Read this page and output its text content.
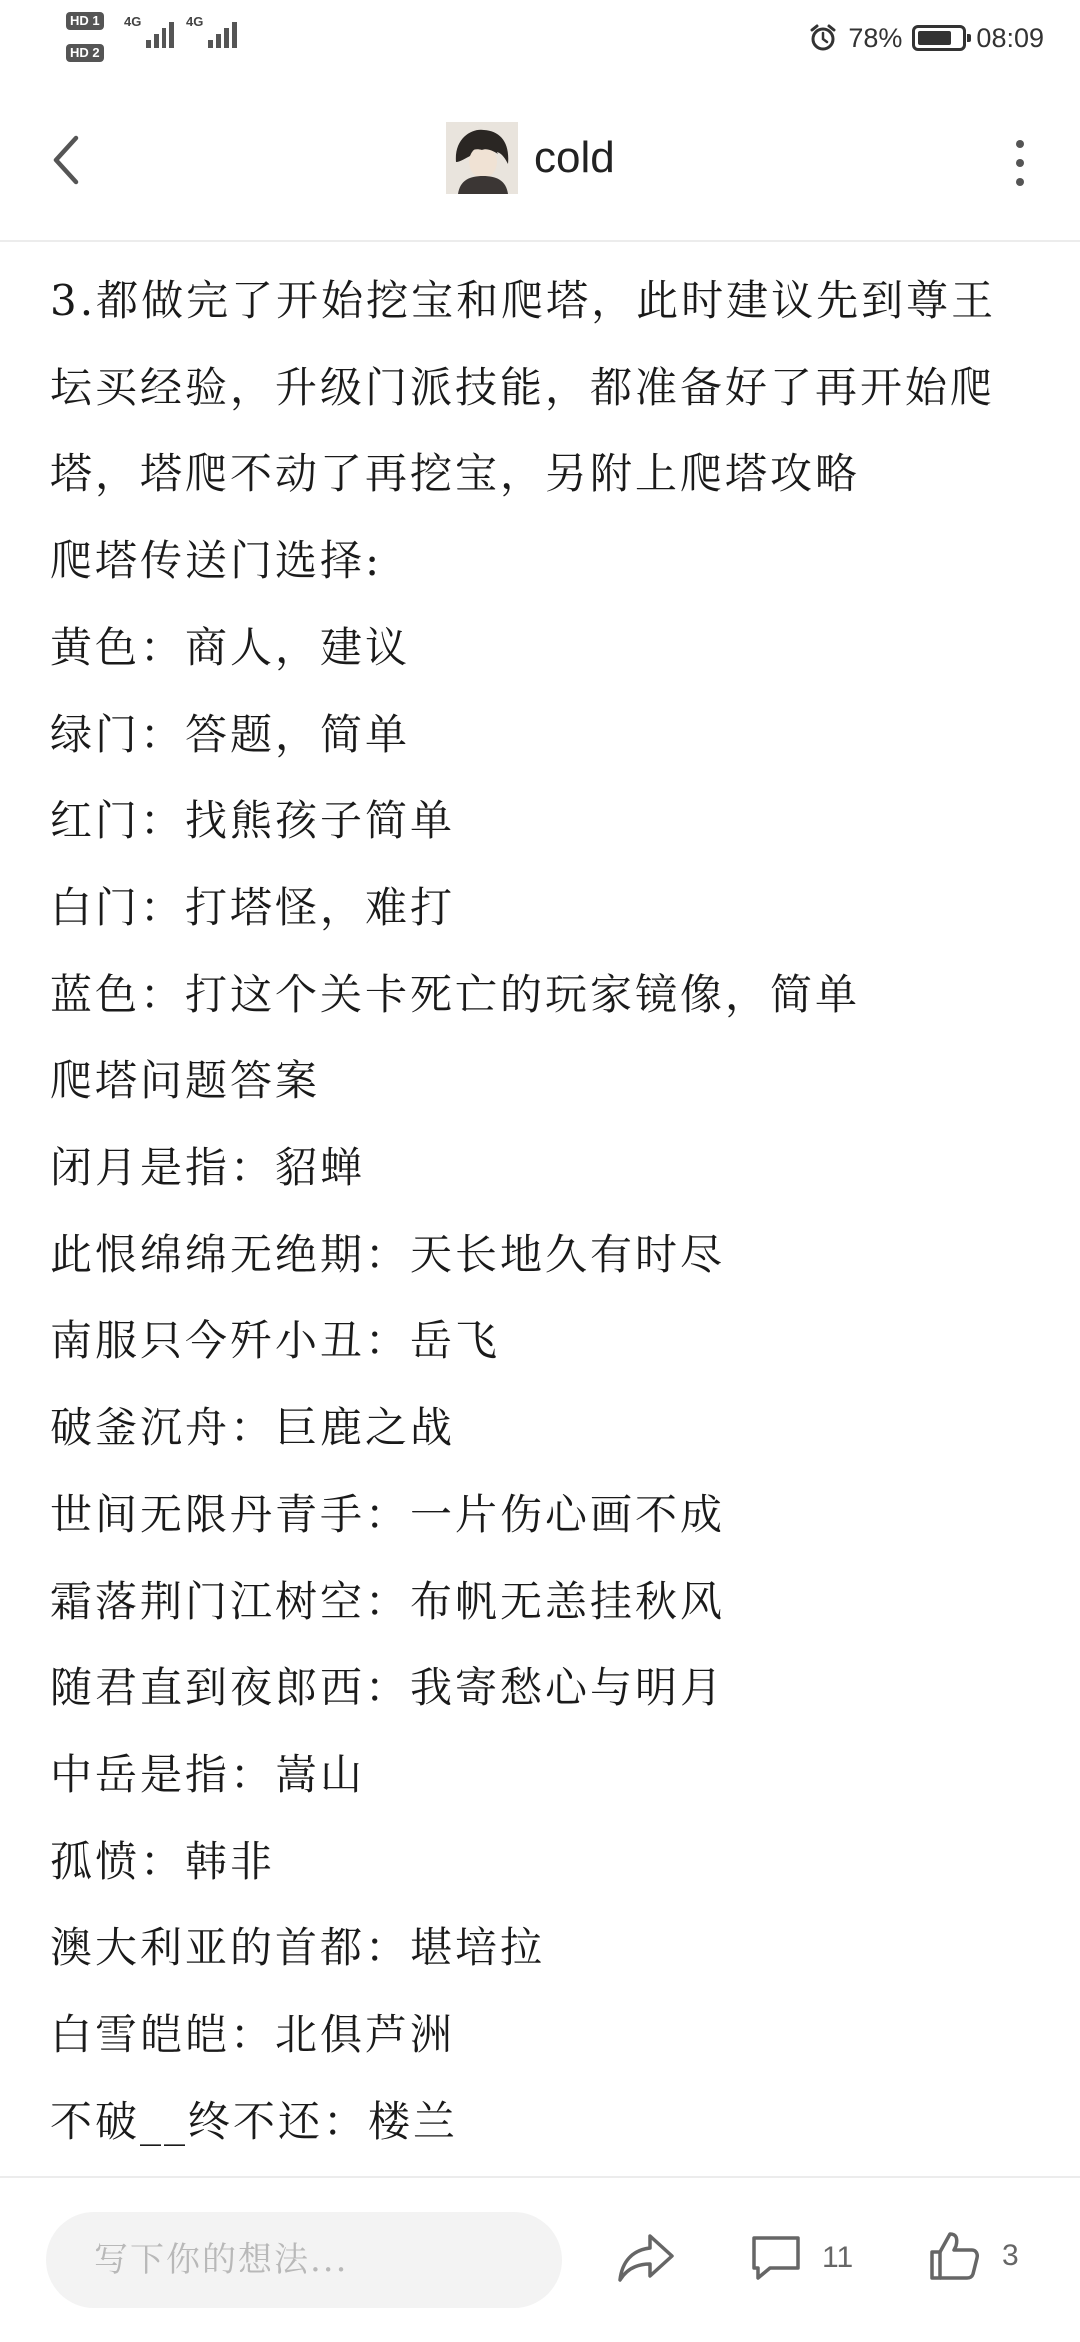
HD 1
HD 2
4G	4G
78%	08:09
cold

3.都做完了开始挖宝和爬塔，此时建议先到尊王坛买经验，升级门派技能，都准备好了再开始爬塔，塔爬不动了再挖宝，另附上爬塔攻略

爬塔传送门选择:

黄色：商人，建议

绿门：答题，简单

红门：找熊孩子简单

白门：打塔怪，难打

蓝色：打这个关卡死亡的玩家镜像，简单

爬塔问题答案

闭月是指：貂蝉

此恨绵绵无绝期：天长地久有时尽

南服只今歼小丑：岳飞

破釜沉舟：巨鹿之战

世间无限丹青手：一片伤心画不成

霜落荆门江树空：布帆无恙挂秋风

随君直到夜郎西：我寄愁心与明月

中岳是指：嵩山

孤愤：韩非

澳大利亚的首都：堪培拉

白雪皑皑：北俱芦洲

不破__终不还：楼兰

写下你的想法...
11	3
